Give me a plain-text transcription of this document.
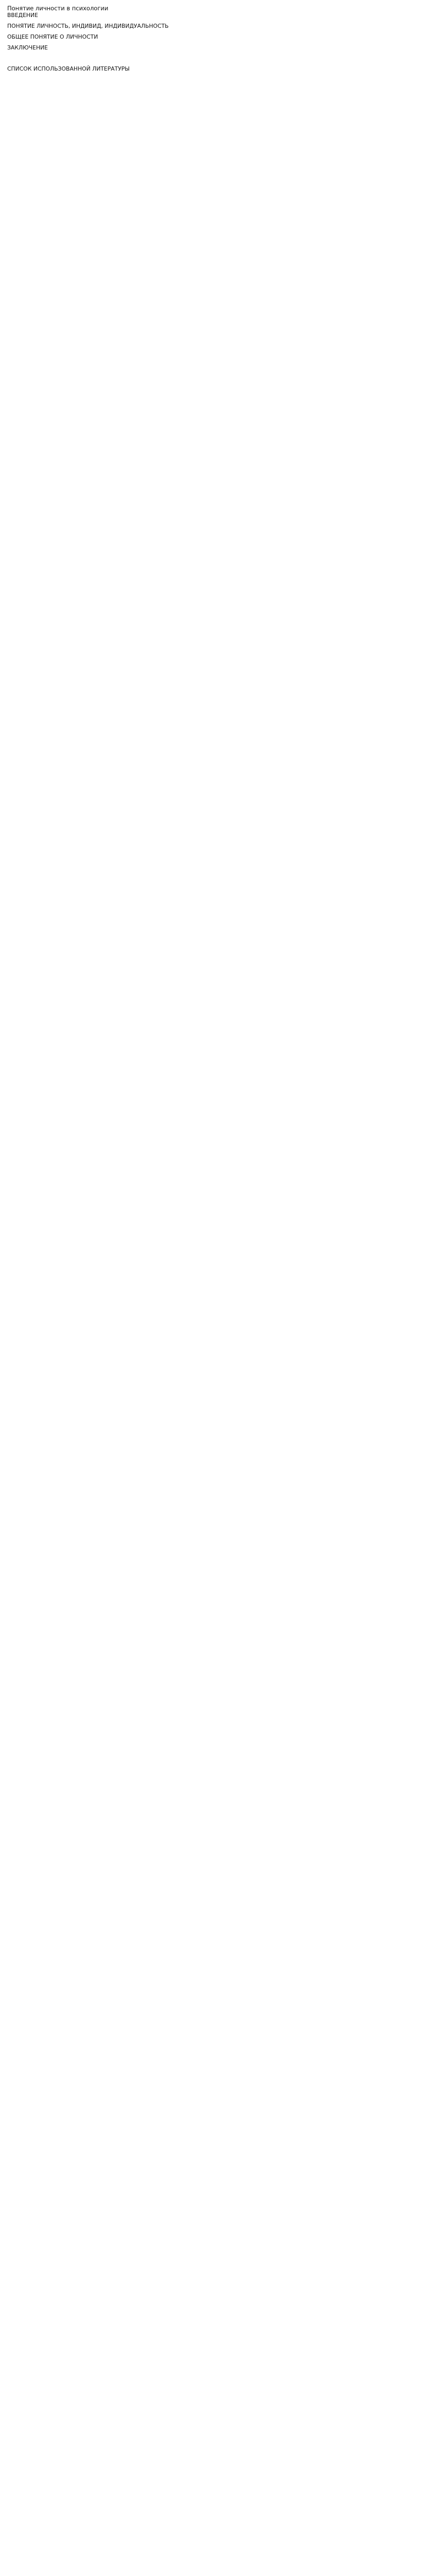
Понятие личности в психологии
ВВЕДЕНИЕ
ПОНЯТИЕ ЛИЧНОСТЬ, ИНДИВИД, ИНДИВИДУАЛЬНОСТЬ
ОБЩЕЕ ПОНЯТИЕ О ЛИЧНОСТИ
ЗАКЛЮЧЕНИЕ
СПИСОК ИСПОЛЬЗОВАННОЙ ЛИТЕРАТУРЫ
